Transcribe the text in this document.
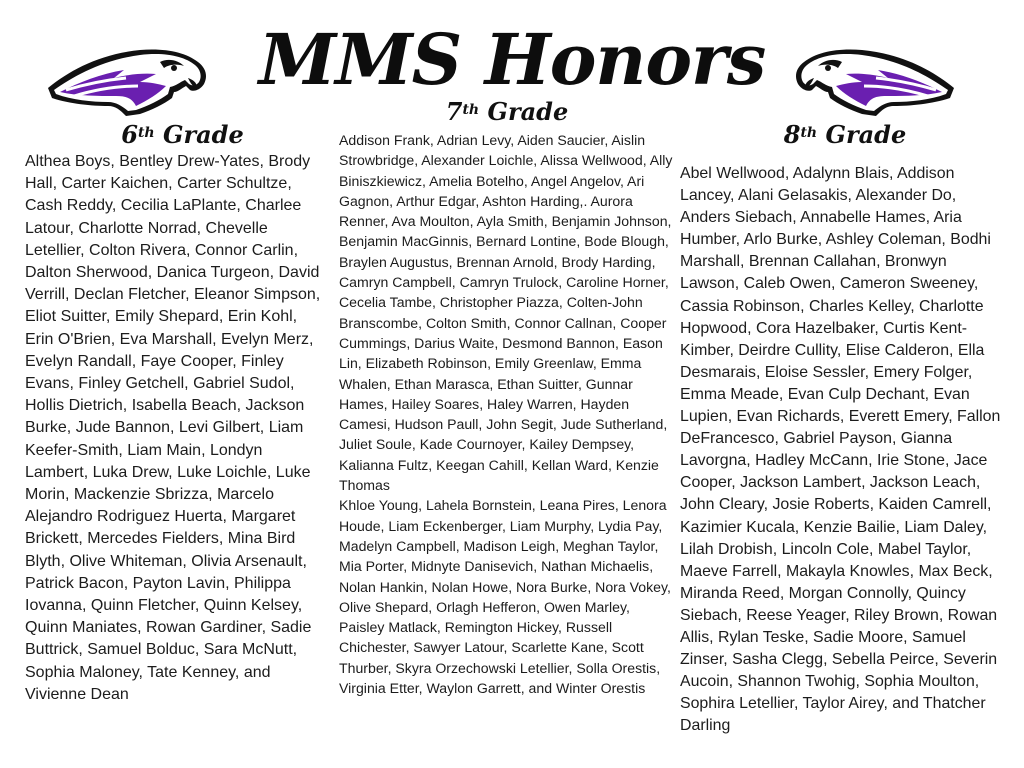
MMS Honors
6th Grade
7th Grade
8th Grade

Althea Boys, Bentley Drew-Yates, Brody Hall, Carter Kaichen, Carter Schultze, Cash Reddy, Cecilia LaPlante, Charlee Latour, Charlotte Norrad, Chevelle Letellier, Colton Rivera, Connor Carlin, Dalton Sherwood, Danica Turgeon, David Verrill, Declan Fletcher, Eleanor Simpson, Eliot Suitter, Emily Shepard, Erin Kohl, Erin O'Brien, Eva Marshall, Evelyn Merz, Evelyn Randall, Faye Cooper, Finley Evans, Finley Getchell, Gabriel Sudol, Hollis Dietrich, Isabella Beach, Jackson Burke, Jude Bannon, Levi Gilbert, Liam Keefer-Smith, Liam Main, Londyn Lambert, Luka Drew, Luke Loichle, Luke Morin, Mackenzie Sbrizza, Marcelo Alejandro Rodriguez Huerta, Margaret Brickett, Mercedes Fielders, Mina Bird Blyth, Olive Whiteman, Olivia Arsenault, Patrick Bacon, Payton Lavin, Philippa Iovanna, Quinn Fletcher, Quinn Kelsey, Quinn Maniates, Rowan Gardiner, Sadie Buttrick, Samuel Bolduc, Sara McNutt, Sophia Maloney, Tate Kenney, and Vivienne Dean

Addison Frank, Adrian Levy, Aiden Saucier, Aislin Strowbridge, Alexander Loichle, Alissa Wellwood, Ally Biniszkiewicz, Amelia Botelho, Angel Angelov, Ari Gagnon, Arthur Edgar, Ashton Harding,. Aurora Renner, Ava Moulton, Ayla Smith, Benjamin Johnson, Benjamin MacGinnis, Bernard Lontine, Bode Blough, Braylen Augustus, Brennan Arnold, Brody Harding, Camryn Campbell, Camryn Trulock, Caroline Horner, Cecelia Tambe, Christopher Piazza, Colten-John Branscombe, Colton Smith, Connor Callnan, Cooper Cummings, Darius Waite, Desmond Bannon, Eason Lin, Elizabeth Robinson, Emily Greenlaw, Emma Whalen, Ethan Marasca, Ethan Suitter, Gunnar Hames, Hailey Soares, Haley Warren, Hayden Camesi, Hudson Paull, John Segit, Jude Sutherland, Juliet Soule, Kade Cournoyer, Kailey Dempsey, Kalianna Fultz, Keegan Cahill, Kellan Ward, Kenzie Thomas

Khloe Young, Lahela Bornstein, Leana Pires, Lenora Houde, Liam Eckenberger, Liam Murphy, Lydia Pay, Madelyn Campbell, Madison Leigh, Meghan Taylor, Mia Porter, Midnyte Danisevich, Nathan Michaelis, Nolan Hankin, Nolan Howe, Nora Burke, Nora Vokey, Olive Shepard, Orlagh Hefferon, Owen Marley, Paisley Matlack, Remington Hickey, Russell Chichester, Sawyer Latour, Scarlette Kane, Scott Thurber, Skyra Orzechowski Letellier, Solla Orestis, Virginia Etter, Waylon Garrett, and Winter Orestis

Abel Wellwood, Adalynn Blais, Addison Lancey, Alani Gelasakis, Alexander Do, Anders Siebach, Annabelle Hames, Aria Humber, Arlo Burke, Ashley Coleman, Bodhi Marshall, Brennan Callahan, Bronwyn Lawson, Caleb Owen, Cameron Sweeney, Cassia Robinson, Charles Kelley, Charlotte Hopwood, Cora Hazelbaker, Curtis Kent-Kimber, Deirdre Cullity, Elise Calderon, Ella Desmarais, Eloise Sessler, Emery Folger, Emma Meade, Evan Culp Dechant, Evan Lupien, Evan Richards, Everett Emery, Fallon DeFrancesco, Gabriel Payson, Gianna Lavorgna, Hadley McCann, Irie Stone, Jace Cooper, Jackson Lambert, Jackson Leach, John Cleary, Josie Roberts, Kaiden Camrell, Kazimier Kucala, Kenzie Bailie, Liam Daley, Lilah Drobish, Lincoln Cole, Mabel Taylor, Maeve Farrell, Makayla Knowles, Max Beck, Miranda Reed, Morgan Connolly, Quincy Siebach, Reese Yeager, Riley Brown, Rowan Allis, Rylan Teske, Sadie Moore, Samuel Zinser, Sasha Clegg, Sebella Peirce, Severin Aucoin, Shannon Twohig, Sophia Moulton, Sophira Letellier, Taylor Airey, and Thatcher Darling
